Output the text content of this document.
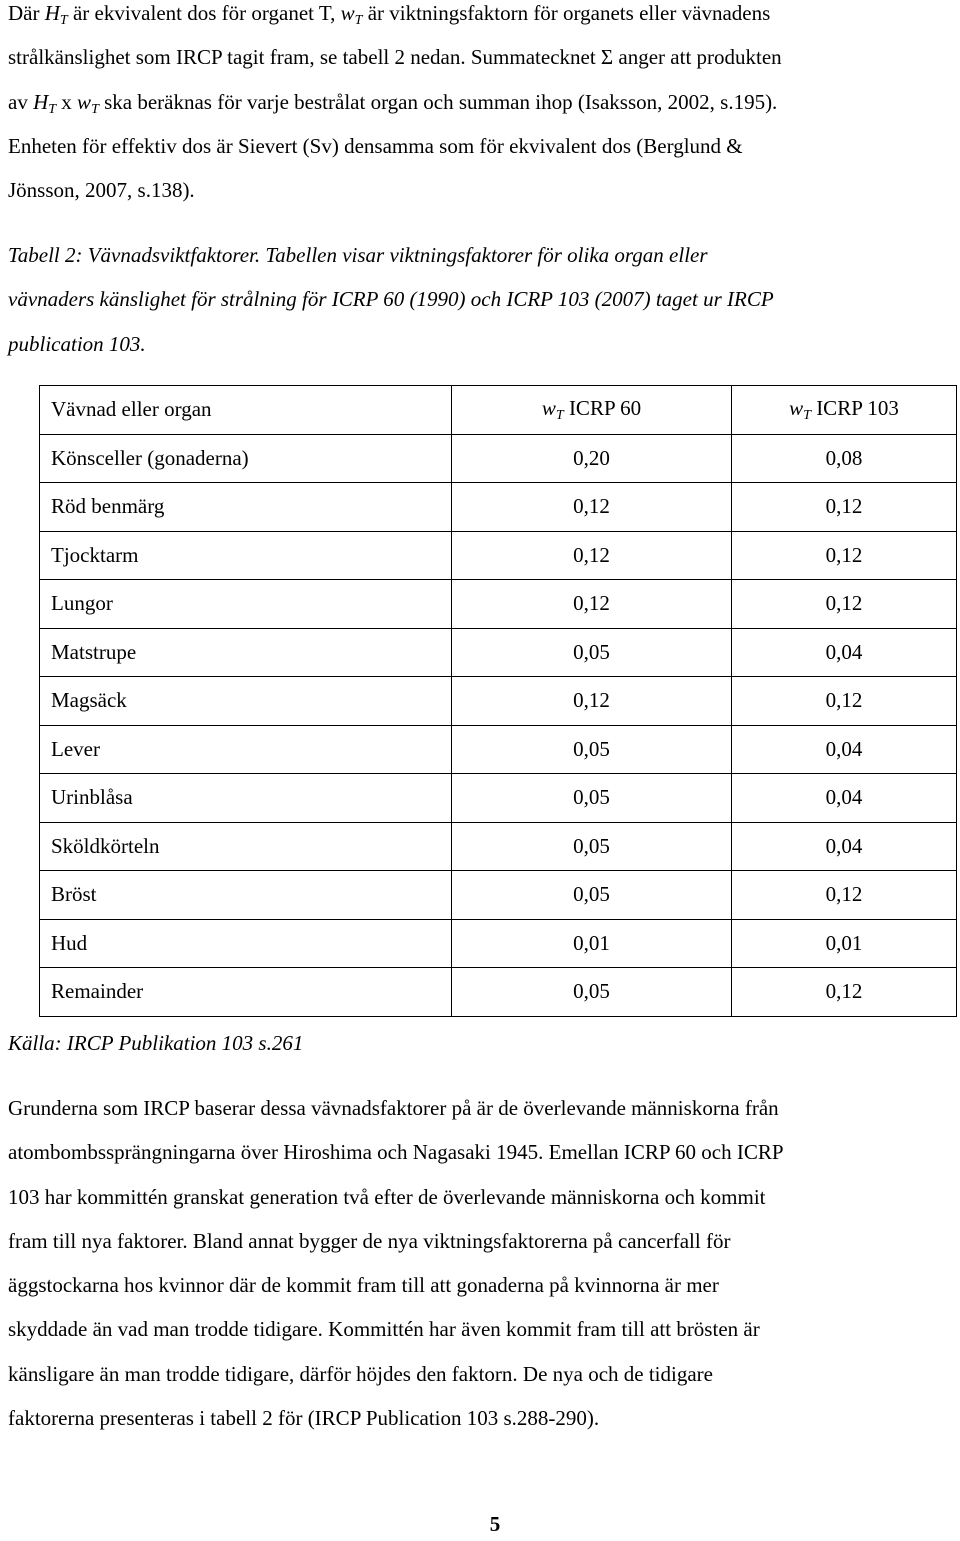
Där $H_T$ är ekvivalent dos för organet T, $w_T$ är viktningsfaktorn för organets eller vävnadens
strålkänslighet som IRCP tagit fram, se tabell 2 nedan. Summatecknet Σ anger att produkten
av $H_T$ x $w_T$ ska beräknas för varje bestrålat organ och summan ihop (Isaksson, 2002, s.195).
Enheten för effektiv dos är Sievert (Sv) densamma som för ekvivalent dos (Berglund &
Jönsson, 2007, s.138).
Tabell 2: Vävnadsviktfaktorer. Tabellen visar viktningsfaktorer för olika organ eller
vävnaders känslighet för strålning för ICRP 60 (1990) och ICRP 103 (2007) taget ur IRCP
publication 103.
Vävnad eller organ	$w_T$ ICRP 60	$w_T$ ICRP 103
Könsceller (gonaderna)	0,20	0,08
Röd benmärg	0,12	0,12
Tjocktarm	0,12	0,12
Lungor	0,12	0,12
Matstrupe	0,05	0,04
Magsäck	0,12	0,12
Lever	0,05	0,04
Urinblåsa	0,05	0,04
Sköldkörteln	0,05	0,04
Bröst	0,05	0,12
Hud	0,01	0,01
Remainder	0,05	0,12
Källa: IRCP Publikation 103 s.261
Grunderna som IRCP baserar dessa vävnadsfaktorer på är de överlevande människorna från
atombombssprängningarna över Hiroshima och Nagasaki 1945. Emellan ICRP 60 och ICRP
103 har kommittén granskat generation två efter de överlevande människorna och kommit
fram till nya faktorer. Bland annat bygger de nya viktningsfaktorerna på cancerfall för
äggstockarna hos kvinnor där de kommit fram till att gonaderna på kvinnorna är mer
skyddade än vad man trodde tidigare. Kommittén har även kommit fram till att brösten är
känsligare än man trodde tidigare, därför höjdes den faktorn. De nya och de tidigare
faktorerna presenteras i tabell 2 för (IRCP Publication 103 s.288-290).
5
